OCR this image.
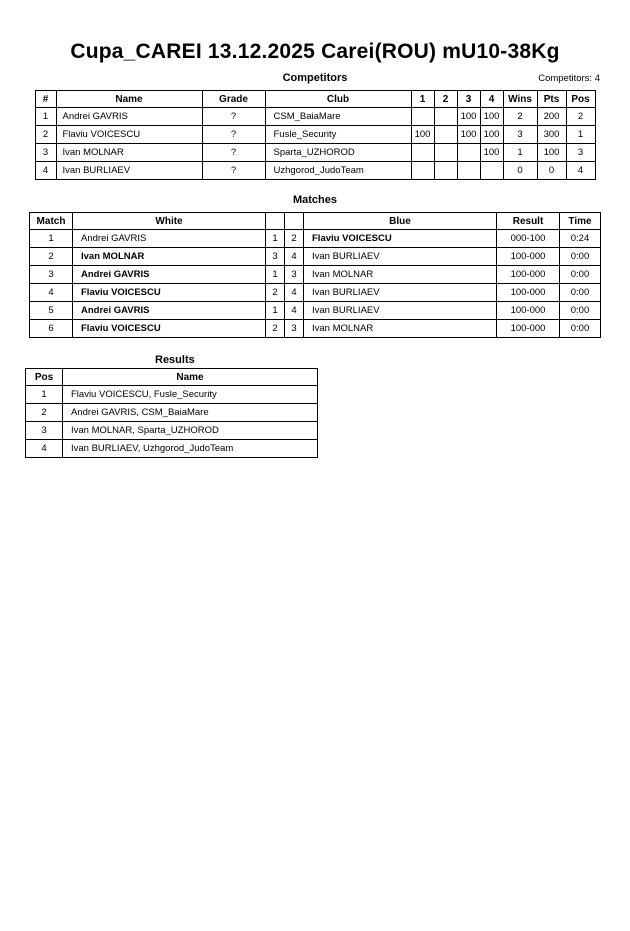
Cupa_CAREI 13.12.2025 Carei(ROU) mU10-38Kg
Competitors	Competitors: 4
#	Name	Grade	Club	1	2	3	4	Wins	Pts	Pos
1	Andrei GAVRIS	?	CSM_BaiaMare			100	100	2	200	2
2	Flaviu VOICESCU	?	Fusle_Security	100		100	100	3	300	1
3	Ivan MOLNAR	?	Sparta_UZHOROD				100	1	100	3
4	Ivan BURLIAEV	?	Uzhgorod_JudoTeam					0	0	4
Matches
Match	White			Blue	Result	Time
1	Andrei GAVRIS	1	2	Flaviu VOICESCU	000-100	0:24
2	Ivan MOLNAR	3	4	Ivan BURLIAEV	100-000	0:00
3	Andrei GAVRIS	1	3	Ivan MOLNAR	100-000	0:00
4	Flaviu VOICESCU	2	4	Ivan BURLIAEV	100-000	0:00
5	Andrei GAVRIS	1	4	Ivan BURLIAEV	100-000	0:00
6	Flaviu VOICESCU	2	3	Ivan MOLNAR	100-000	0:00
Results
Pos	Name
1	Flaviu VOICESCU, Fusle_Security
2	Andrei GAVRIS, CSM_BaiaMare
3	Ivan MOLNAR, Sparta_UZHOROD
4	Ivan BURLIAEV, Uzhgorod_JudoTeam
